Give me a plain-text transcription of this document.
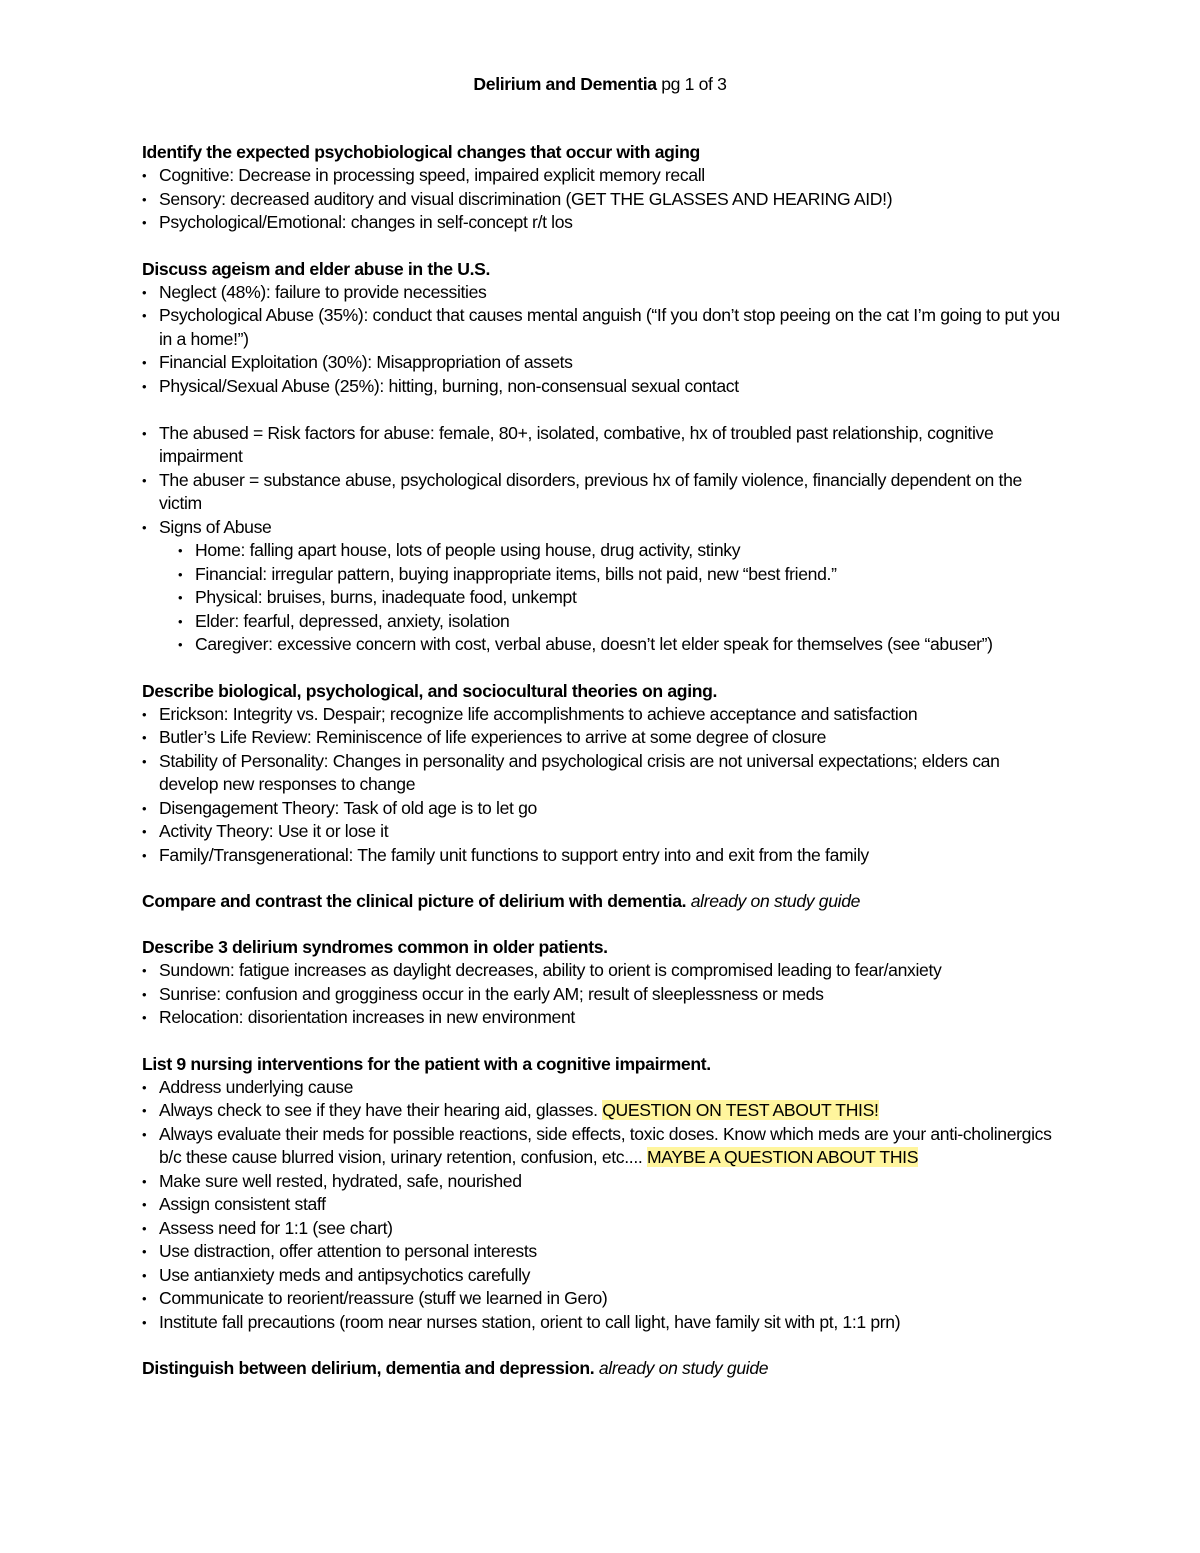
Delirium and Dementia pg 1 of 3

Identify the expected psychobiological changes that occur with aging

• Cognitive: Decrease in processing speed, impaired explicit memory recall
• Sensory: decreased auditory and visual discrimination (GET THE GLASSES AND HEARING AID!)
• Psychological/Emotional: changes in self-concept r/t los

Discuss ageism and elder abuse in the U.S.

• Neglect (48%): failure to provide necessities
• Psychological Abuse (35%): conduct that causes mental anguish (“If you don’t stop peeing on the cat I’m going to put you in a home!”)
• Financial Exploitation (30%): Misappropriation of assets
• Physical/Sexual Abuse (25%): hitting, burning, non-consensual sexual contact
• The abused = Risk factors for abuse: female, 80+, isolated, combative, hx of troubled past relationship, cognitive impairment
• The abuser = substance abuse, psychological disorders, previous hx of family violence, financially dependent on the victim
• Signs of Abuse
• Home: falling apart house, lots of people using house, drug activity, stinky
• Financial: irregular pattern, buying inappropriate items, bills not paid, new “best friend.”
• Physical: bruises, burns, inadequate food, unkempt
• Elder: fearful, depressed, anxiety, isolation
• Caregiver: excessive concern with cost, verbal abuse, doesn’t let elder speak for themselves (see “abuser”)

Describe biological, psychological, and sociocultural theories on aging.

• Erickson: Integrity vs. Despair; recognize life accomplishments to achieve acceptance and satisfaction
• Butler’s Life Review: Reminiscence of life experiences to arrive at some degree of closure
• Stability of Personality: Changes in personality and psychological crisis are not universal expectations; elders can develop new responses to change
• Disengagement Theory: Task of old age is to let go
• Activity Theory: Use it or lose it
• Family/Transgenerational: The family unit functions to support entry into and exit from the family

Compare and contrast the clinical picture of delirium with dementia. already on study guide

Describe 3 delirium syndromes common in older patients.

• Sundown: fatigue increases as daylight decreases, ability to orient is compromised leading to fear/anxiety
• Sunrise: confusion and grogginess occur in the early AM; result of sleeplessness or meds
• Relocation: disorientation increases in new environment

List 9 nursing interventions for the patient with a cognitive impairment.

• Address underlying cause
• Always check to see if they have their hearing aid, glasses. QUESTION ON TEST ABOUT THIS!
• Always evaluate their meds for possible reactions, side effects, toxic doses. Know which meds are your anti-cholinergics b/c these cause blurred vision, urinary retention, confusion, etc.... MAYBE A QUESTION ABOUT THIS
• Make sure well rested, hydrated, safe, nourished
• Assign consistent staff
• Assess need for 1:1 (see chart)
• Use distraction, offer attention to personal interests
• Use antianxiety meds and antipsychotics carefully
• Communicate to reorient/reassure (stuff we learned in Gero)
• Institute fall precautions (room near nurses station, orient to call light, have family sit with pt, 1:1 prn)

Distinguish between delirium, dementia and depression. already on study guide
